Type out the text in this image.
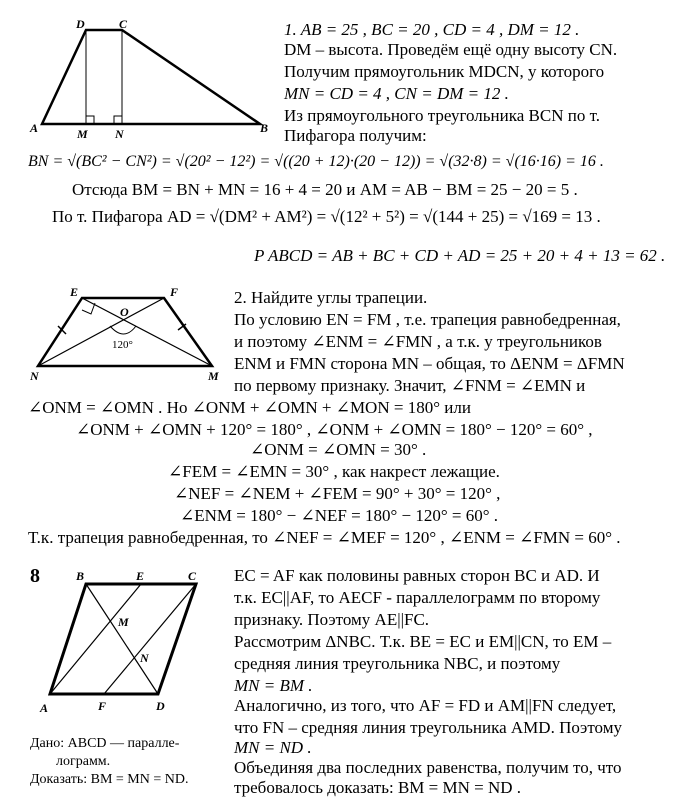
D	C
A	B
M N
1. AB = 25 , BC = 20 , CD = 4 , DM = 12 .
DM – высота. Проведём ещё одну высоту CN.
Получим прямоугольник MDCN, у которого
MN = CD = 4 , CN = DM = 12 .
Из прямоугольного треугольника BCN по т.
Пифагора получим:
BN = √(BC² − CN²) = √(20² − 12²) = √((20 + 12)·(20 − 12)) = √(32·8) = √(16·16) = 16 .
Отсюда BM = BN + MN = 16 + 4 = 20 и AM = AB − BM = 25 − 20 = 5 .
По т. Пифагора AD = √(DM² + AM²) = √(12² + 5²) = √(144 + 25) = √169 = 13 .
P ABCD = AB + BC + CD + AD = 25 + 20 + 4 + 13 = 62 .
E	F
O
N	M
120°
2. Найдите углы трапеции.
По условию EN = FM , т.е. трапеция равнобедренная,
и поэтому ∠ENM = ∠FMN , а т.к. у треугольников
ENM и FMN сторона MN – общая, то ΔENM = ΔFMN
по первому признаку. Значит, ∠FNM = ∠EMN и
∠ONM = ∠OMN . Но ∠ONM + ∠OMN + ∠MON = 180° или
∠ONM + ∠OMN + 120° = 180° , ∠ONM + ∠OMN = 180° − 120° = 60° ,
∠ONM = ∠OMN = 30° .
∠FEM = ∠EMN = 30° , как накрест лежащие.
∠NEF = ∠NEM + ∠FEM = 90° + 30° = 120° ,
∠ENM = 180° − ∠NEF = 180° − 120° = 60° .
Т.к. трапеция равнобедренная, то ∠NEF = ∠MEF = 120° , ∠ENM = ∠FMN = 60° .
8	B	E	C
A	F	D
M
N
Дано: ABCD — паралле-
лограмм.
Доказать: BM = MN = ND.
EC = AF как половины равных сторон BC и AD. И
т.к. EC||AF, то AECF - параллелограмм по второму
признаку. Поэтому AE||FC.
Рассмотрим ΔNBC. Т.к. BE = EC и EM||CN, то EM –
средняя линия треугольника NBC, и поэтому
MN = BM .
Аналогично, из того, что AF = FD и AM||FN следует,
что FN – средняя линия треугольника AMD. Поэтому
MN = ND .
Объединяя два последних равенства, получим то, что
требовалось доказать: BM = MN = ND .
